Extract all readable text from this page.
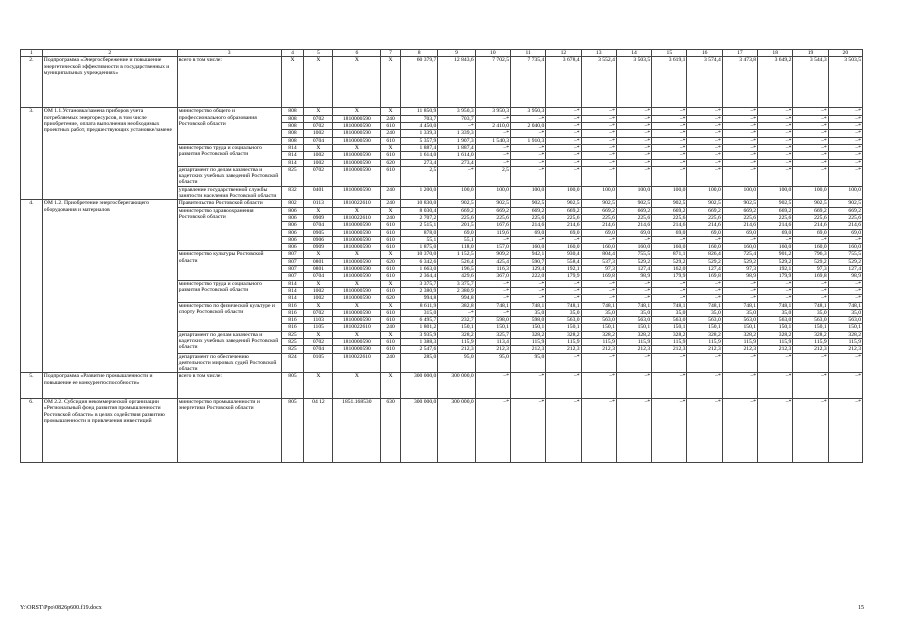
1	2	3	4	5	6	7	8	9	10	11	12	13	14	15	16	17	18	19	20
2.	Подпрограмма «Энергосбережение и повышение энергетической эффективности в государственных и муниципальных учреждениях»	всего в том числе:	Х	Х	Х	Х	60 379,7	12 843,6	7 702,5	7 735,4	3 678,4	3 552,4	3 503,5	3 619,1	3 574,4	3 473,8	3 649,2	3 544,3	3 503,5
3.	ОМ 1.1.Установка/замена приборов учета потребляемых энергоресурсов, в том числе приобретение, оплата выполнения необходимых проектных работ, предшествующих установке/замене	министерство общего и профессионального образования Ростовской области	808	Х	Х	Х	11 850,9	3 950,3	3 950,3	3 950,3	–*	–*	–*	–*	–*	–*	–*	–*	–*
			808	0702	1810000590	240	703,7	703,7	–*	–*	–*	–*	–*	–*	–*	–*	–*	–*	–*
			808	0702	1810000590	610	4 450,0	–*	2 410,0	2 040,0	–*	–*	–*	–*	–*	–*	–*	–*	–*
			808	1002	1810000590	240	1 339,3	1 339,3	–*	–*	–*	–*	–*	–*	–*	–*	–*	–*	–*
			808	0704	1810000590	610	5 357,9	1 907,3	1 540,3	1 910,3	–*	–*	–*	–*	–*	–*	–*	–*	–*
		министерство труда и социального развития Ростовской области	814	Х	Х	Х	1 887,4	1 887,4	–*	–*	–*	–*	–*	–*	–*	–*	–*	–*	–*
			814	1002	1810000590	610	1 614,0	1 614,0	–*	–*	–*	–*	–*	–*	–*	–*	–*	–*	–*
			814	1002	1810000590	620	273,4	273,4	–*	–*	–*	–*	–*	–*	–*	–*	–*	–*	–*
		департамент по делам казачества и кадетских учебных заведений Ростовской области	825	0702	1810000590	610	2,5	–*	2,5	–*	–*	–*	–*	–*	–*	–*	–*	–*	–*
		управление государственной службы занятости населения Ростовской области	832	0401	1810000590	240	1 200,0	100,0	100,0	100,0	100,0	100,0	100,0	100,0	100,0	100,0	100,0	100,0	100,0
4.	ОМ 1.2. Приобретение энергосберегающего оборудования и материалов	Правительство Ростовской области	802	0113	1810022610	240	10 830,0	902,5	902,5	902,5	902,5	902,5	902,5	902,5	902,5	902,5	902,5	902,5	902,5
		министерство здравоохранения Ростовской области	806	Х	Х	Х	8 030,4	669,2	669,2	669,2	669,2	669,2	669,2	669,2	669,2	669,2	669,2	669,2	669,2
			806	0909	1810022610	240	2 707,2	225,6	225,6	225,6	225,6	225,6	225,6	225,6	225,6	225,6	225,6	225,6	225,6
			806	0704	1810000590	610	2 515,1	201,5	167,6	214,6	214,6	214,6	214,6	214,6	214,6	214,6	214,6	214,6	214,6
			806	0905	1810000590	610	878,0	69,0	119,6	69,0	69,0	69,0	69,0	69,0	69,0	69,0	69,0	69,0	69,0
			806	0906	1810000590	610	55,1	55,1	–*	–*	–*	–*	–*	–*	–*	–*	–*	–*	–*
			806	0909	1810000590	610	1 875,0	118,0	157,0	160,0	160,0	160,0	160,0	160,0	160,0	160,0	160,0	160,0	160,0
		министерство культуры Ростовской области	807	Х	Х	Х	10 370,0	1 152,5	909,2	942,1	930,4	804,4	755,5	871,1	826,4	725,4	901,2	796,3	755,5
			807	0801	1810000590	620	6 342,6	526,4	425,4	590,7	558,4	537,3	529,2	529,2	529,2	529,2	529,2	529,2	529,2
			807	0801	1810000590	610	1 663,0	196,5	116,3	129,4	192,1	97,3	127,4	162,0	127,4	97,3	192,1	97,3	127,4
			807	0704	1810000590	610	2 364,4	429,6	367,0	222,0	179,9	169,8	98,9	179,9	169,8	98,9	179,9	169,8	98,9
		министерство труда и социального развития Ростовской области	814	Х	Х	Х	3 375,7	3 375,7	–*	–*	–*	–*	–*	–*	–*	–*	–*	–*	–*
			814	1002	1810000590	610	2 380,9	2 380,9	–*	–*	–*	–*	–*	–*	–*	–*	–*	–*	–*
			814	1002	1810000590	620	994,8	994,8	–*	–*	–*	–*	–*	–*	–*	–*	–*	–*	–*
		министерство по физической культуре и спорту Ростовской области	816	Х	Х	Х	8 611,9	382,8	748,1	748,1	748,1	748,1	748,1	748,1	748,1	748,1	748,1	748,1	748,1
			816	0702	1810000590	610	315,0	–*	–*	35,0	35,0	35,0	35,0	35,0	35,0	35,0	35,0	35,0	35,0
			816	1103	1810000590	610	6 495,7	232,7	598,0	598,0	563,0	563,0	563,0	563,0	563,0	563,0	563,0	563,0	563,0
			816	1105	1810022610	240	1 801,2	150,1	150,1	150,1	150,1	150,1	150,1	150,1	150,1	150,1	150,1	150,1	150,1
		департамент по делам казачества и кадетских учебных заведений Ростовской области	825	Х	Х	Х	3 935,9	328,2	325,7	328,2	328,2	328,2	328,2	328,2	328,2	328,2	328,2	328,2	328,2
			825	0702	1810000590	610	1 388,3	115,9	113,4	115,9	115,9	115,9	115,9	115,9	115,9	115,9	115,9	115,9	115,9
			825	0704	1810000590	610	2 547,6	212,3	212,3	212,3	212,3	212,3	212,3	212,3	212,3	212,3	212,3	212,3	212,3
		департамент по обеспечению деятельности мировых судей Ростовской области	824	0105	1810022610	240	285,0	95,0	95,0	95,0	–*	–*	–*	–*	–*	–*	–*	–*	–*
5.	Подпрограмма «Развитие промышленности и повышение ее конкурентоспособности»	всего в том числе:	805	Х	Х	Х	300 000,0	300 000,0	–*	–*	–*	–*	–*	–*	–*	–*	–*	–*	–*
6.	ОМ 2.2. Субсидия некоммерческой организации «Региональный фонд развития промышленности Ростовской области» в целях содействия развитию промышленности и привлечения инвестиций	министерство промышленности и энергетики Ростовской области	805	04 12	1851.168530	630	300 000,0	300 000,0	–*	–*	–*	–*	–*	–*	–*	–*	–*	–*	–*
Y:\ORST\Ppo\0826p600.f19.docx	15
